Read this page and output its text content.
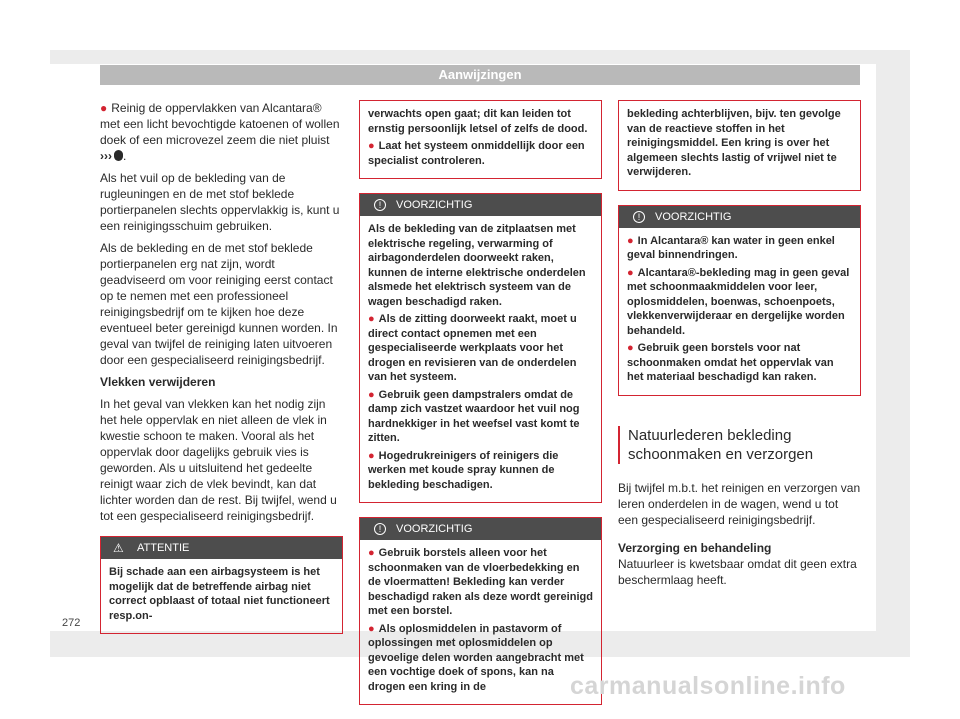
Aanwijzingen

● Reinig de oppervlakken van Alcantara® met een licht bevochtigde katoenen of wollen doek of een microvezel zeem die niet pluist ››› .

Als het vuil op de bekleding van de rugleuningen en de met stof beklede portierpanelen slechts oppervlakkig is, kunt u een reinigingsschuim gebruiken.

Als de bekleding en de met stof beklede portierpanelen erg nat zijn, wordt geadviseerd om voor reiniging eerst contact op te nemen met een professioneel reinigingsbedrijf om te kijken hoe deze eventueel beter gereinigd kunnen worden. In geval van twijfel de reiniging laten uitvoeren door een gespecialiseerd reinigingsbedrijf.

Vlekken verwijderen

In het geval van vlekken kan het nodig zijn het hele oppervlak en niet alleen de vlek in kwestie schoon te maken. Vooral als het oppervlak door dagelijks gebruik vies is geworden. Als u uitsluitend het gedeelte reinigt waar zich de vlek bevindt, kan dat lichter worden dan de rest. Bij twijfel, wend u tot een gespecialiseerd reinigingsbedrijf.

⚠ ATTENTIE

Bij schade aan een airbagsysteem is het mogelijk dat de betreffende airbag niet correct opblaast of totaal niet functioneert resp.on-

verwachts open gaat; dit kan leiden tot ernstig persoonlijk letsel of zelfs de dood.

● Laat het systeem onmiddellijk door een specialist controleren.

!	VOORZICHTIG

Als de bekleding van de zitplaatsen met elektrische regeling, verwarming of airbagonderdelen doorweekt raken, kunnen de interne elektrische onderdelen alsmede het elektrisch systeem van de wagen beschadigd raken.

● Als de zitting doorweekt raakt, moet u direct contact opnemen met een gespecialiseerde werkplaats voor het drogen en revisieren van de onderdelen van het systeem.

● Gebruik geen dampstralers omdat de damp zich vastzet waardoor het vuil nog hardnekkiger in het weefsel vast komt te zitten.

● Hogedrukreinigers of reinigers die werken met koude spray kunnen de bekleding beschadigen.

!	VOORZICHTIG

● Gebruik borstels alleen voor het schoonmaken van de vloerbedekking en de vloermatten! Bekleding kan verder beschadigd raken als deze wordt gereinigd met een borstel.

● Als oplosmiddelen in pastavorm of oplossingen met oplosmiddelen op gevoelige delen worden aangebracht met een vochtige doek of spons, kan na drogen een kring in de

bekleding achterblijven, bijv. ten gevolge van de reactieve stoffen in het reinigingsmiddel. Een kring is over het algemeen slechts lastig of vrijwel niet te verwijderen.

!	VOORZICHTIG

● In Alcantara® kan water in geen enkel geval binnendringen.

● Alcantara®-bekleding mag in geen geval met schoonmaakmiddelen voor leer, oplosmiddelen, boenwas, schoenpoets, vlekkenverwijderaar en dergelijke worden behandeld.

● Gebruik geen borstels voor nat schoonmaken omdat het oppervlak van het materiaal beschadigd kan raken.

Natuurlederen bekleding schoonmaken en verzorgen

Bij twijfel m.b.t. het reinigen en verzorgen van leren onderdelen in de wagen, wend u tot een gespecialiseerd reinigingsbedrijf.

Verzorging en behandeling

Natuurleer is kwetsbaar omdat dit geen extra beschermlaag heeft.

272
carmanualsonline.info
